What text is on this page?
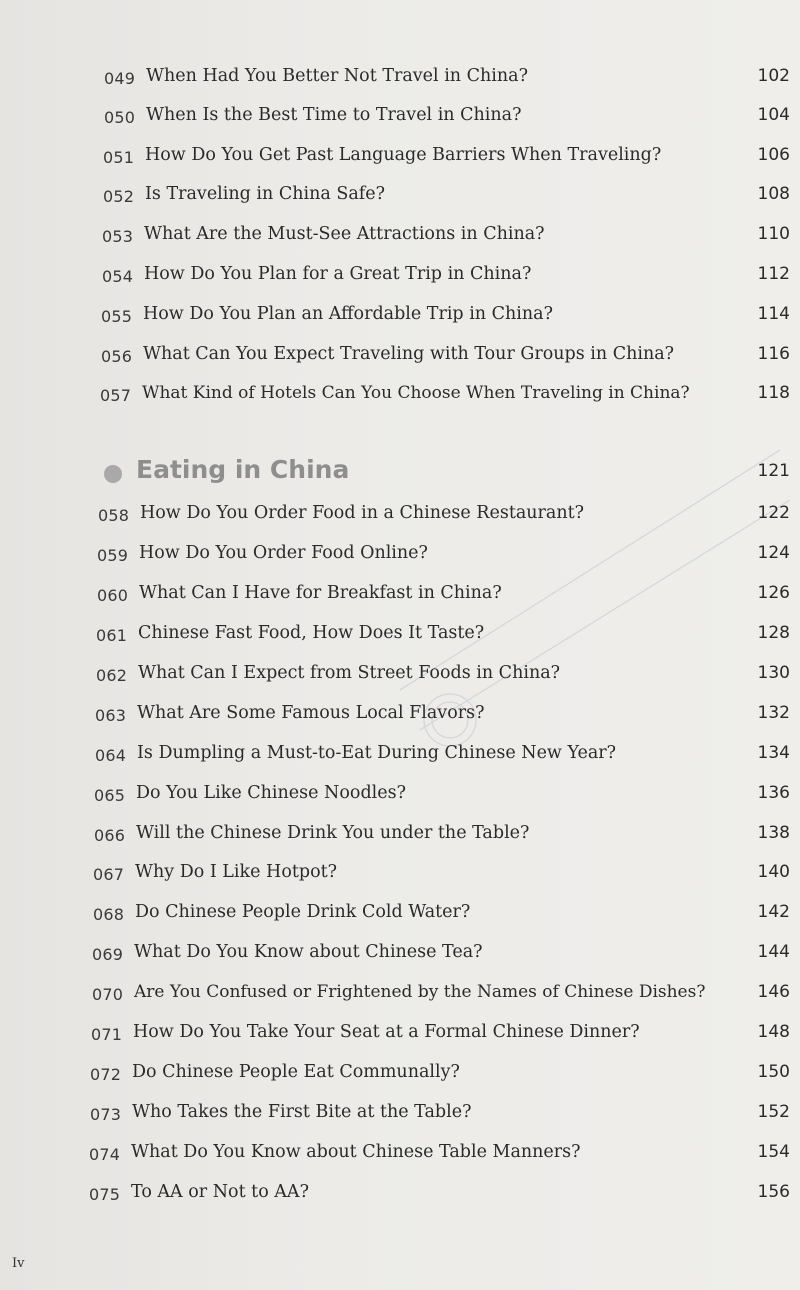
049 When Had You Better Not Travel in China?	102
050 When Is the Best Time to Travel in China?	104
051 How Do You Get Past Language Barriers When Traveling?	106
052 Is Traveling in China Safe?	108
053 What Are the Must-See Attractions in China?	110
054 How Do You Plan for a Great Trip in China?	112
055 How Do You Plan an Affordable Trip in China?	114
056 What Can You Expect Traveling with Tour Groups in China?	116
057 What Kind of Hotels Can You Choose When Traveling in China?	118
Eating in China	121
058 How Do You Order Food in a Chinese Restaurant?	122
059 How Do You Order Food Online?	124
060 What Can I Have for Breakfast in China?	126
061 Chinese Fast Food, How Does It Taste?	128
062 What Can I Expect from Street Foods in China?	130
063 What Are Some Famous Local Flavors?	132
064 Is Dumpling a Must-to-Eat During Chinese New Year?	134
065 Do You Like Chinese Noodles?	136
066 Will the Chinese Drink You under the Table?	138
067 Why Do I Like Hotpot?	140
068 Do Chinese People Drink Cold Water?	142
069 What Do You Know about Chinese Tea?	144
070 Are You Confused or Frightened by the Names of Chinese Dishes?	146
071 How Do You Take Your Seat at a Formal Chinese Dinner?	148
072 Do Chinese People Eat Communally?	150
073 Who Takes the First Bite at the Table?	152
074 What Do You Know about Chinese Table Manners?	154
075 To AA or Not to AA?	156
Iv
